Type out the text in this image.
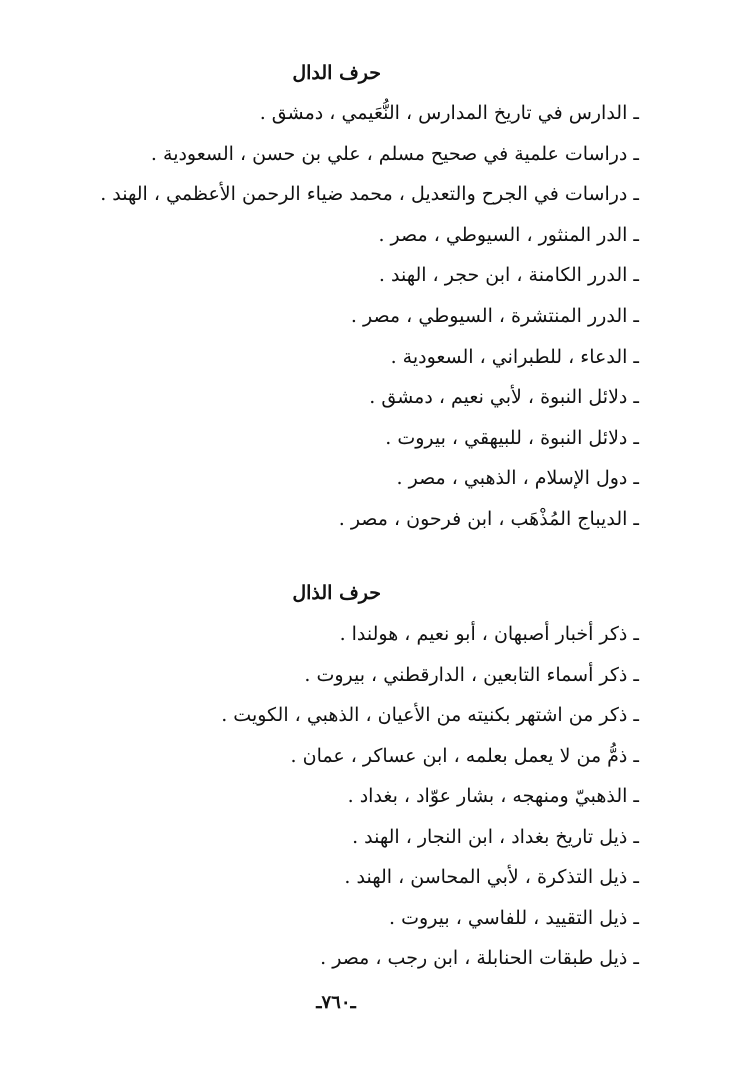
حرف الدال
ـ الدارس في تاريخ المدارس ، النُّعَيمي ، دمشق .
ـ دراسات علمية في صحيح مسلم ، علي بن حسن ، السعودية .
ـ دراسات في الجرح والتعديل ، محمد ضياء الرحمن الأعظمي ، الهند .
ـ الدر المنثور ، السيوطي ، مصر .
ـ الدرر الكامنة ، ابن حجر ، الهند .
ـ الدرر المنتشرة ، السيوطي ، مصر .
ـ الدعاء ، للطبراني ، السعودية .
ـ دلائل النبوة ، لأبي نعيم ، دمشق .
ـ دلائل النبوة ، للبيهقي ، بيروت .
ـ دول الإسلام ، الذهبي ، مصر .
ـ الديباج المُذْهَب ، ابن فرحون ، مصر .
حرف الذال
ـ ذكر أخبار أصبهان ، أبو نعيم ، هولندا .
ـ ذكر أسماء التابعين ، الدارقطني ، بيروت .
ـ ذكر من اشتهر بكنيته من الأعيان ، الذهبي ، الكويت .
ـ ذمُّ من لا يعمل بعلمه ، ابن عساكر ، عمان .
ـ الذهبيّ ومنهجه ، بشار عوّاد ، بغداد .
ـ ذيل تاريخ بغداد ، ابن النجار ، الهند .
ـ ذيل التذكرة ، لأبي المحاسن ، الهند .
ـ ذيل التقييد ، للفاسي ، بيروت .
ـ ذيل طبقات الحنابلة ، ابن رجب ، مصر .
ـ٧٦٠ـ
